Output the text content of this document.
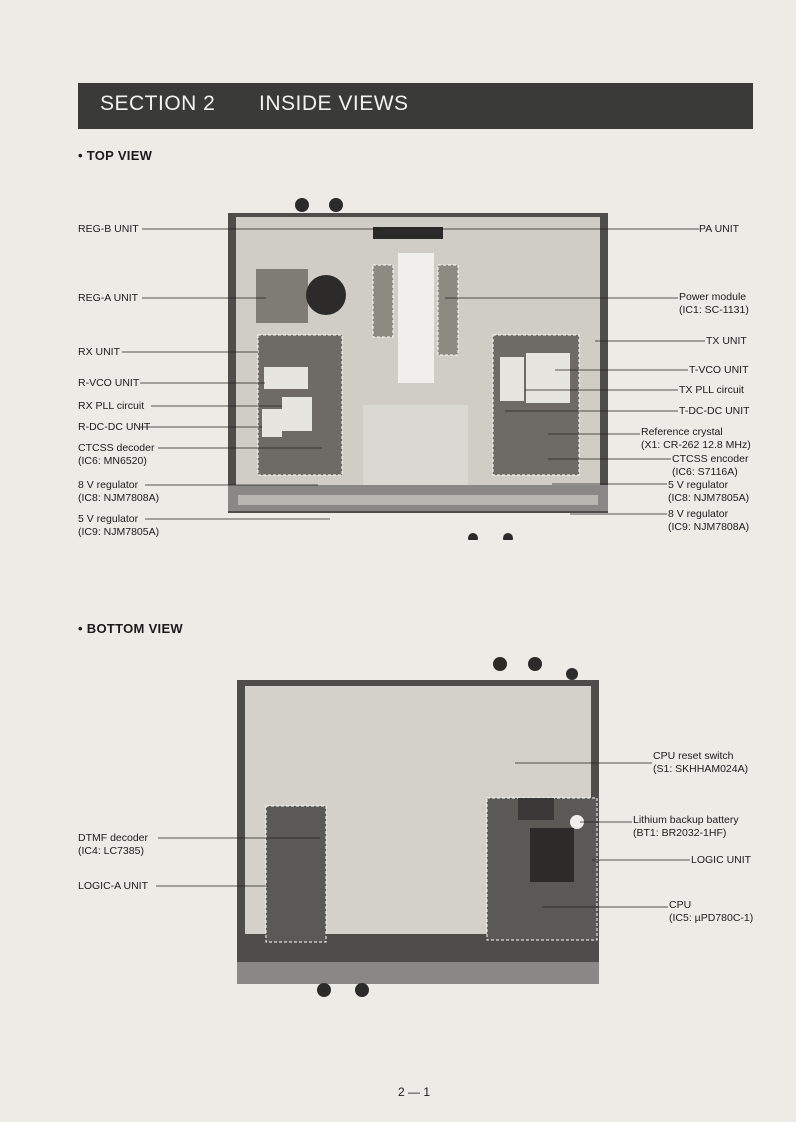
SECTION 2 INSIDE VIEWS
• TOP VIEW
• BOTTOM VIEW
REG-B UNIT
REG-A UNIT
RX UNIT
R-VCO UNIT
RX PLL circuit
R-DC-DC UNIT
CTCSS decoder
(IC6: MN6520)
8 V regulator
(IC8: NJM7808A)
5 V regulator
(IC9: NJM7805A)
PA UNIT
Power module
(IC1: SC-1131)
TX UNIT
T-VCO UNIT
TX PLL circuit
T-DC-DC UNIT
Reference crystal
(X1: CR-262 12.8 MHz)
CTCSS encoder
(IC6: S7116A)
5 V regulator
(IC8: NJM7805A)
8 V regulator
(IC9: NJM7808A)
DTMF decoder
(IC4: LC7385)
LOGIC-A UNIT
CPU reset switch
(S1: SKHHAM024A)
Lithium backup battery
(BT1: BR2032-1HF)
LOGIC UNIT
CPU
(IC5: µPD780C-1)
2 — 1
